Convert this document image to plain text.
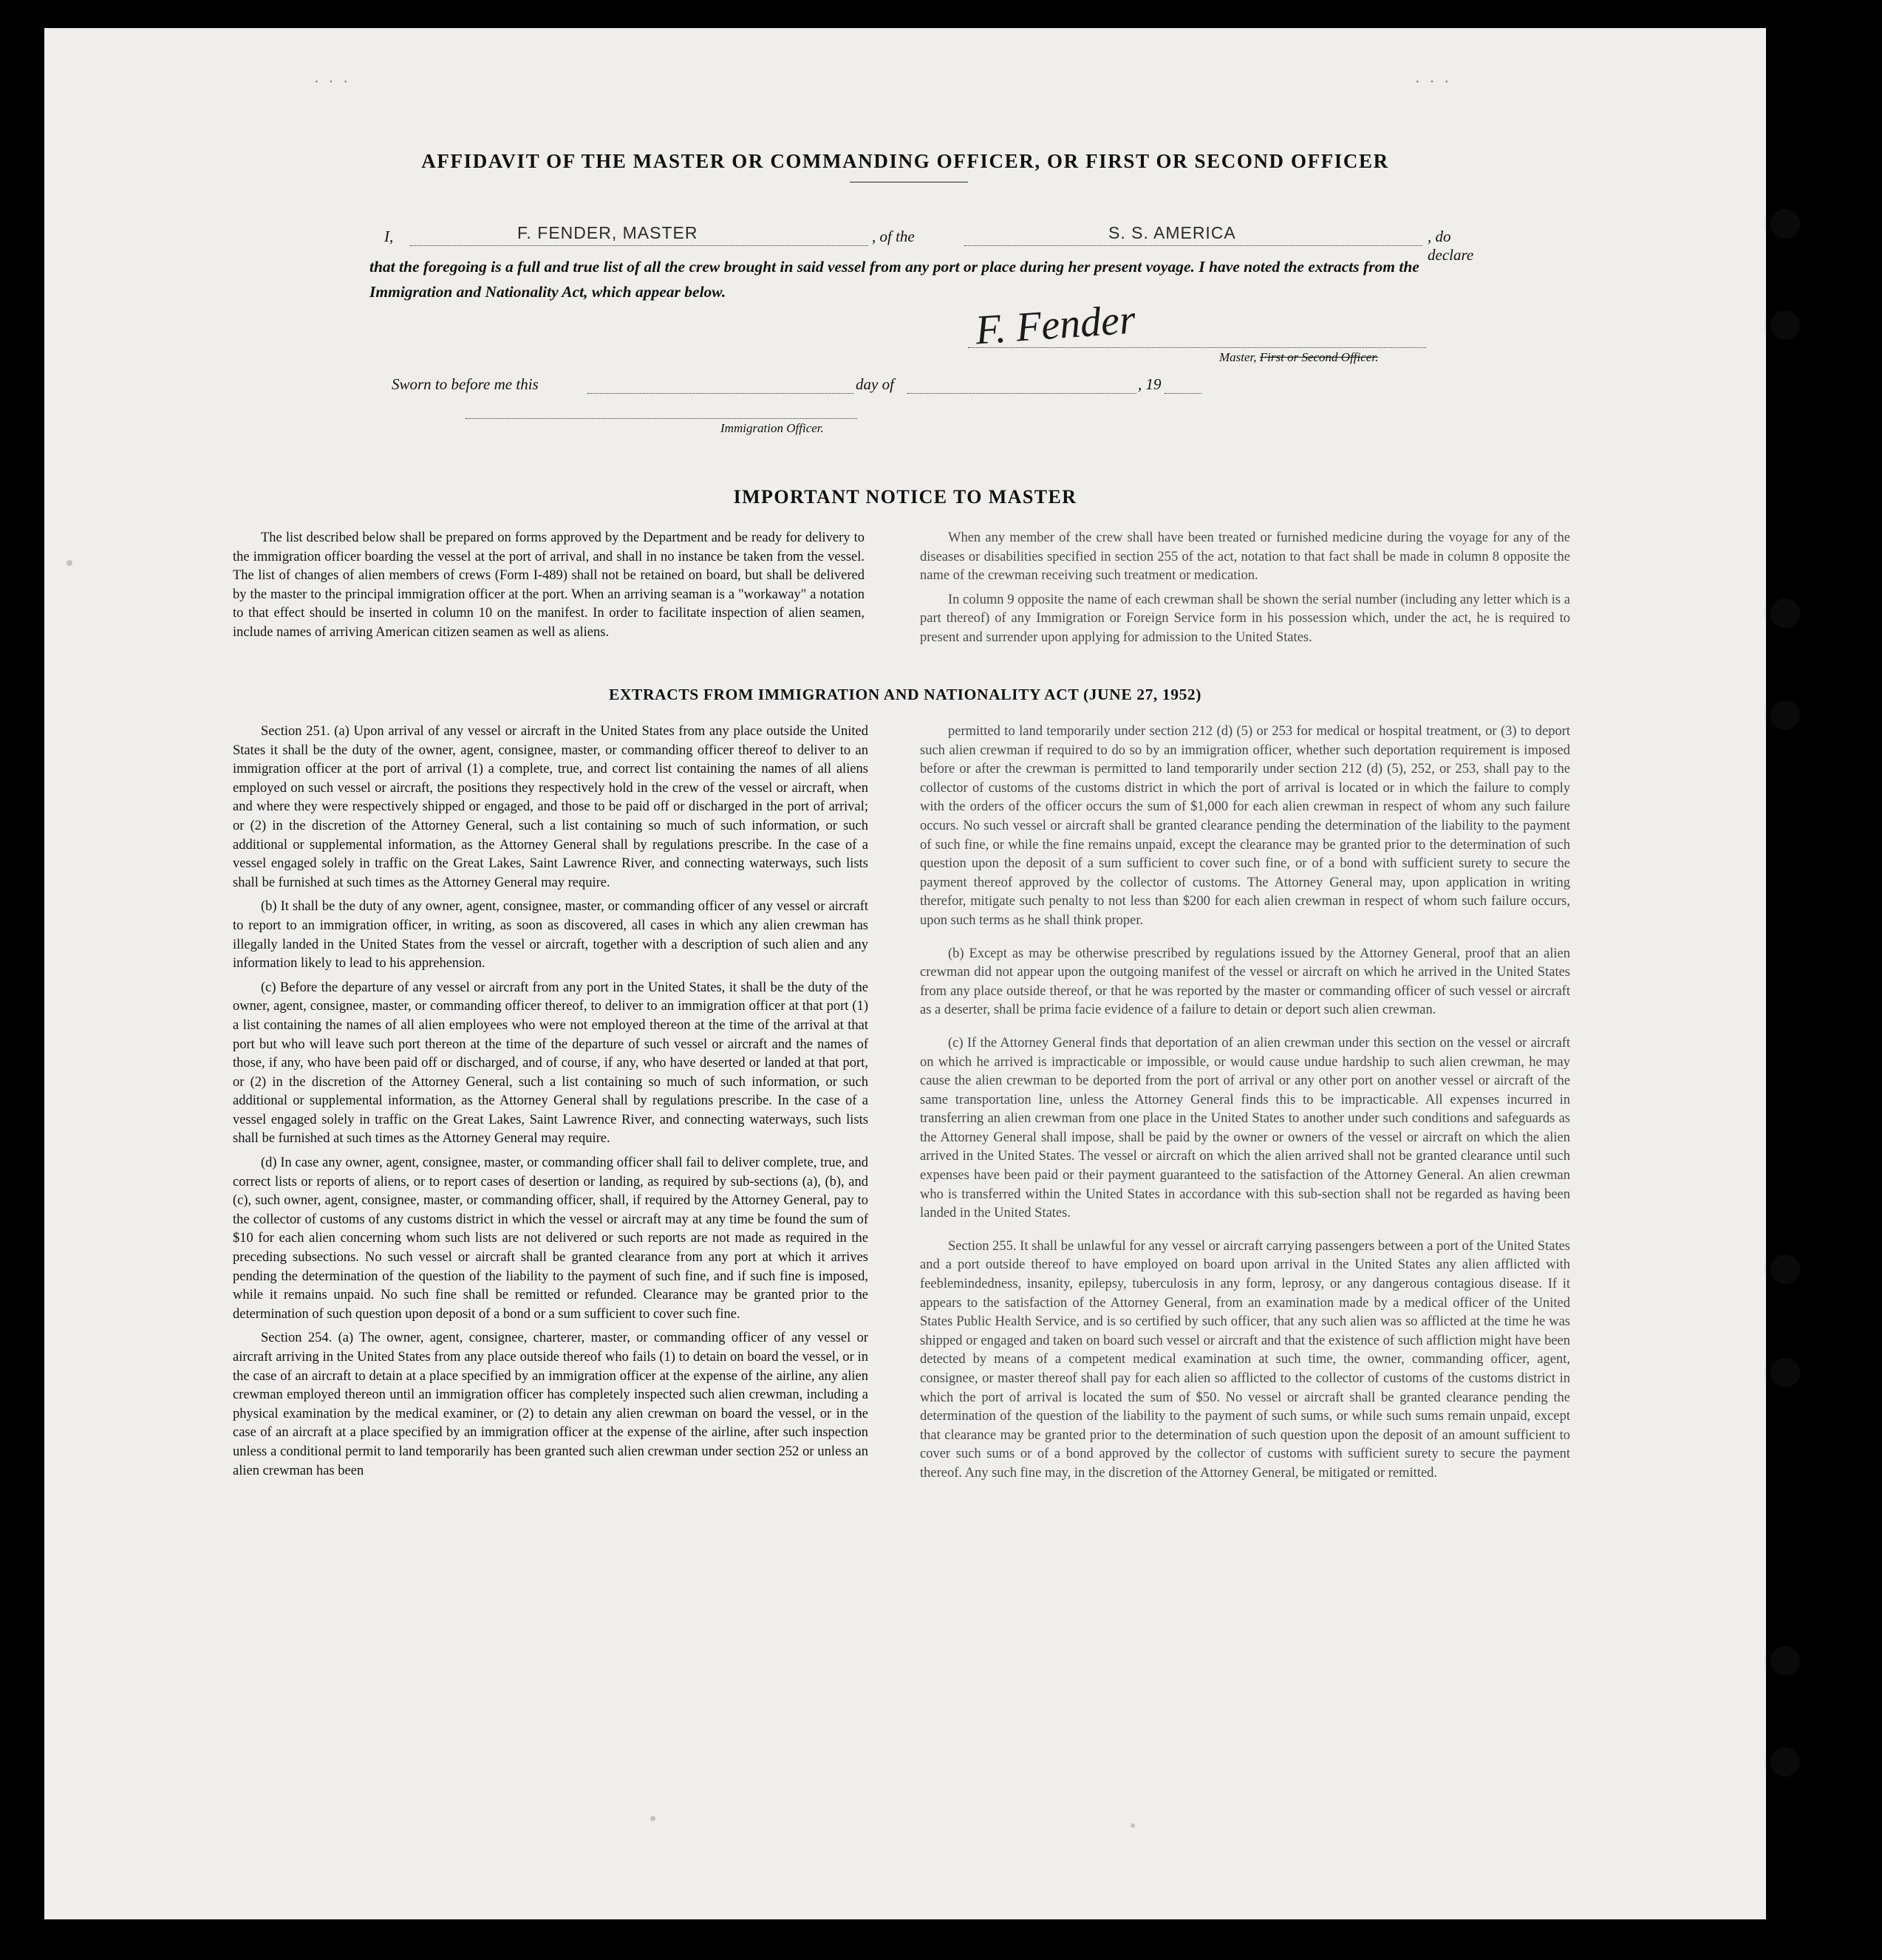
· · ·	· · ·
AFFIDAVIT OF THE MASTER OR COMMANDING OFFICER, OR FIRST OR SECOND OFFICER
I,	F. FENDER, MASTER	, of the	S. S. AMERICA	, do declare
that the foregoing is a full and true list of all the crew brought in said vessel from any port or place during her present voyage. I have noted the extracts from the Immigration and Nationality Act, which appear below.
F. Fender
Master, First or Second Officer.
Sworn to before me this	day of	, 19
Immigration Officer.
IMPORTANT NOTICE TO MASTER

The list described below shall be prepared on forms approved by the Department and be ready for delivery to the immigration officer boarding the vessel at the port of arrival, and shall in no instance be taken from the vessel. The list of changes of alien members of crews (Form I-489) shall not be retained on board, but shall be delivered by the master to the principal immigration officer at the port. When an arriving seaman is a "workaway" a notation to that effect should be inserted in column 10 on the manifest. In order to facilitate inspection of alien seamen, include names of arriving American citizen seamen as well as aliens.

When any member of the crew shall have been treated or furnished medicine during the voyage for any of the diseases or disabilities specified in section 255 of the act, notation to that fact shall be made in column 8 opposite the name of the crewman receiving such treatment or medication.

In column 9 opposite the name of each crewman shall be shown the serial number (including any letter which is a part thereof) of any Immigration or Foreign Service form in his possession which, under the act, he is required to present and surrender upon applying for admission to the United States.

EXTRACTS FROM IMMIGRATION AND NATIONALITY ACT (JUNE 27, 1952)

Section 251. (a) Upon arrival of any vessel or aircraft in the United States from any place outside the United States it shall be the duty of the owner, agent, consignee, master, or commanding officer thereof to deliver to an immigration officer at the port of arrival (1) a complete, true, and correct list containing the names of all aliens employed on such vessel or aircraft, the positions they respectively hold in the crew of the vessel or aircraft, when and where they were respectively shipped or engaged, and those to be paid off or discharged in the port of arrival; or (2) in the discretion of the Attorney General, such a list containing so much of such information, or such additional or supplemental information, as the Attorney General shall by regulations prescribe. In the case of a vessel engaged solely in traffic on the Great Lakes, Saint Lawrence River, and connecting waterways, such lists shall be furnished at such times as the Attorney General may require.

(b) It shall be the duty of any owner, agent, consignee, master, or commanding officer of any vessel or aircraft to report to an immigration officer, in writing, as soon as discovered, all cases in which any alien crewman has illegally landed in the United States from the vessel or aircraft, together with a description of such alien and any information likely to lead to his apprehension.

(c) Before the departure of any vessel or aircraft from any port in the United States, it shall be the duty of the owner, agent, consignee, master, or commanding officer thereof, to deliver to an immigration officer at that port (1) a list containing the names of all alien employees who were not employed thereon at the time of the arrival at that port but who will leave such port thereon at the time of the departure of such vessel or aircraft and the names of those, if any, who have been paid off or discharged, and of course, if any, who have deserted or landed at that port, or (2) in the discretion of the Attorney General, such a list containing so much of such information, or such additional or supplemental information, as the Attorney General shall by regulations prescribe. In the case of a vessel engaged solely in traffic on the Great Lakes, Saint Lawrence River, and connecting waterways, such lists shall be furnished at such times as the Attorney General may require.

(d) In case any owner, agent, consignee, master, or commanding officer shall fail to deliver complete, true, and correct lists or reports of aliens, or to report cases of desertion or landing, as required by sub-sections (a), (b), and (c), such owner, agent, consignee, master, or commanding officer, shall, if required by the Attorney General, pay to the collector of customs of any customs district in which the vessel or aircraft may at any time be found the sum of $10 for each alien concerning whom such lists are not delivered or such reports are not made as required in the preceding subsections. No such vessel or aircraft shall be granted clearance from any port at which it arrives pending the determination of the question of the liability to the payment of such fine, and if such fine is imposed, while it remains unpaid. No such fine shall be remitted or refunded. Clearance may be granted prior to the determination of such question upon deposit of a bond or a sum sufficient to cover such fine.

Section 254. (a) The owner, agent, consignee, charterer, master, or commanding officer of any vessel or aircraft arriving in the United States from any place outside thereof who fails (1) to detain on board the vessel, or in the case of an aircraft to detain at a place specified by an immigration officer at the expense of the airline, any alien crewman employed thereon until an immigration officer has completely inspected such alien crewman, including a physical examination by the medical examiner, or (2) to detain any alien crewman on board the vessel, or in the case of an aircraft at a place specified by an immigration officer at the expense of the airline, after such inspection unless a conditional permit to land temporarily has been granted such alien crewman under section 252 or unless an alien crewman has been

permitted to land temporarily under section 212 (d) (5) or 253 for medical or hospital treatment, or (3) to deport such alien crewman if required to do so by an immigration officer, whether such deportation requirement is imposed before or after the crewman is permitted to land temporarily under section 212 (d) (5), 252, or 253, shall pay to the collector of customs of the customs district in which the port of arrival is located or in which the failure to comply with the orders of the officer occurs the sum of $1,000 for each alien crewman in respect of whom any such failure occurs. No such vessel or aircraft shall be granted clearance pending the determination of the liability to the payment of such fine, or while the fine remains unpaid, except the clearance may be granted prior to the determination of such question upon the deposit of a sum sufficient to cover such fine, or of a bond with sufficient surety to secure the payment thereof approved by the collector of customs. The Attorney General may, upon application in writing therefor, mitigate such penalty to not less than $200 for each alien crewman in respect of whom such failure occurs, upon such terms as he shall think proper.

(b) Except as may be otherwise prescribed by regulations issued by the Attorney General, proof that an alien crewman did not appear upon the outgoing manifest of the vessel or aircraft on which he arrived in the United States from any place outside thereof, or that he was reported by the master or commanding officer of such vessel or aircraft as a deserter, shall be prima facie evidence of a failure to detain or deport such alien crewman.

(c) If the Attorney General finds that deportation of an alien crewman under this section on the vessel or aircraft on which he arrived is impracticable or impossible, or would cause undue hardship to such alien crewman, he may cause the alien crewman to be deported from the port of arrival or any other port on another vessel or aircraft of the same transportation line, unless the Attorney General finds this to be impracticable. All expenses incurred in transferring an alien crewman from one place in the United States to another under such conditions and safeguards as the Attorney General shall impose, shall be paid by the owner or owners of the vessel or aircraft on which the alien arrived in the United States. The vessel or aircraft on which the alien arrived shall not be granted clearance until such expenses have been paid or their payment guaranteed to the satisfaction of the Attorney General. An alien crewman who is transferred within the United States in accordance with this sub-section shall not be regarded as having been landed in the United States.

Section 255. It shall be unlawful for any vessel or aircraft carrying passengers between a port of the United States and a port outside thereof to have employed on board upon arrival in the United States any alien afflicted with feeblemindedness, insanity, epilepsy, tuberculosis in any form, leprosy, or any dangerous contagious disease. If it appears to the satisfaction of the Attorney General, from an examination made by a medical officer of the United States Public Health Service, and is so certified by such officer, that any such alien was so afflicted at the time he was shipped or engaged and taken on board such vessel or aircraft and that the existence of such affliction might have been detected by means of a competent medical examination at such time, the owner, commanding officer, agent, consignee, or master thereof shall pay for each alien so afflicted to the collector of customs of the customs district in which the port of arrival is located the sum of $50. No vessel or aircraft shall be granted clearance pending the determination of the question of the liability to the payment of such sums, or while such sums remain unpaid, except that clearance may be granted prior to the determination of such question upon the deposit of an amount sufficient to cover such sums or of a bond approved by the collector of customs with sufficient surety to secure the payment thereof. Any such fine may, in the discretion of the Attorney General, be mitigated or remitted.
